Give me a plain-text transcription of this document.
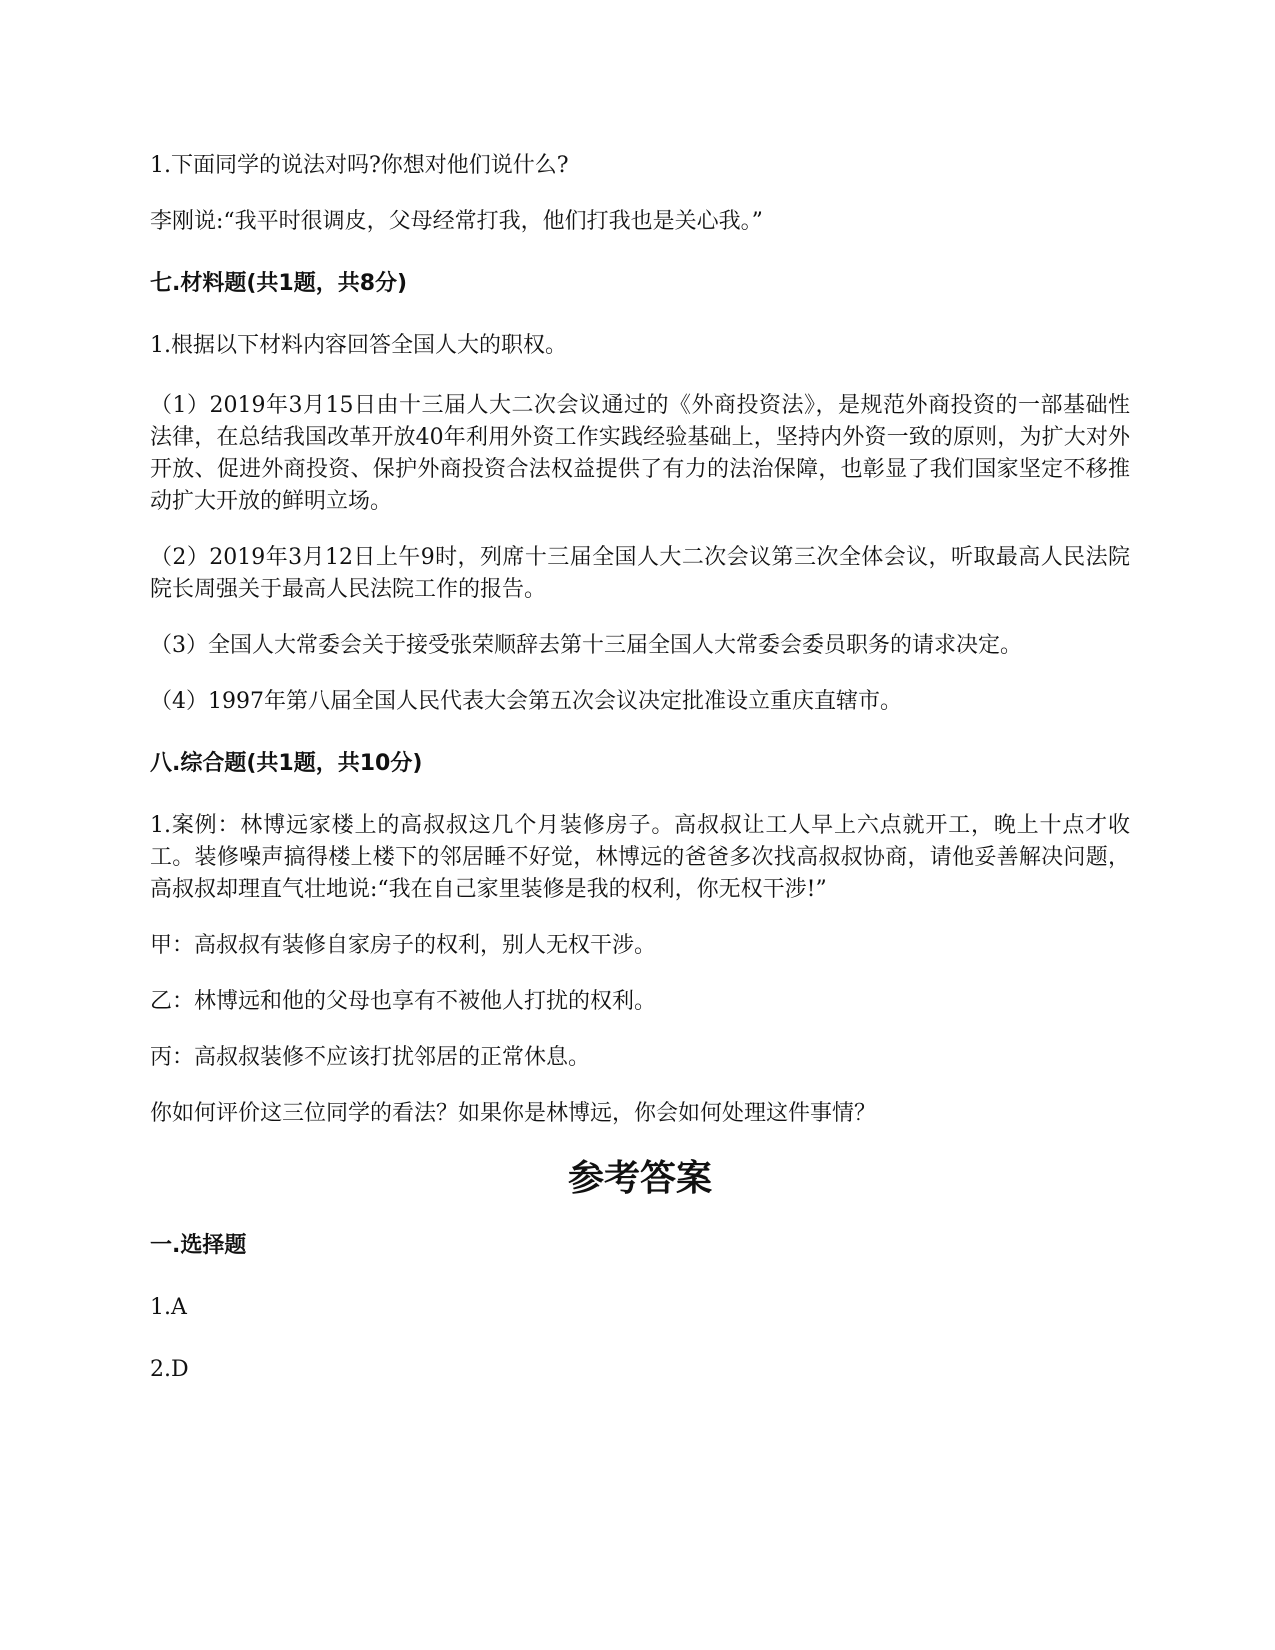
1.下面同学的说法对吗?你想对他们说什么?

李刚说:“我平时很调皮，父母经常打我，他们打我也是关心我。”

七.材料题(共1题，共8分)

1.根据以下材料内容回答全国人大的职权。

（1）2019年3月15日由十三届人大二次会议通过的《外商投资法》，是规范外商投资的一部基础性法律，在总结我国改革开放40年利用外资工作实践经验基础上，坚持内外资一致的原则，为扩大对外开放、促进外商投资、保护外商投资合法权益提供了有力的法治保障，也彰显了我们国家坚定不移推动扩大开放的鲜明立场。

（2）2019年3月12日上午9时，列席十三届全国人大二次会议第三次全体会议，听取最高人民法院院长周强关于最高人民法院工作的报告。

（3）全国人大常委会关于接受张荣顺辞去第十三届全国人大常委会委员职务的请求决定。

（4）1997年第八届全国人民代表大会第五次会议决定批准设立重庆直辖市。

八.综合题(共1题，共10分)

1.案例：林博远家楼上的高叔叔这几个月装修房子。高叔叔让工人早上六点就开工，晚上十点才收工。装修噪声搞得楼上楼下的邻居睡不好觉，林博远的爸爸多次找高叔叔协商，请他妥善解决问题，高叔叔却理直气壮地说:“我在自己家里装修是我的权利，你无权干涉!”

甲：高叔叔有装修自家房子的权利，别人无权干涉。

乙：林博远和他的父母也享有不被他人打扰的权利。

丙：高叔叔装修不应该打扰邻居的正常休息。

你如何评价这三位同学的看法？如果你是林博远，你会如何处理这件事情？

参考答案
一.选择题
1.A
2.D
